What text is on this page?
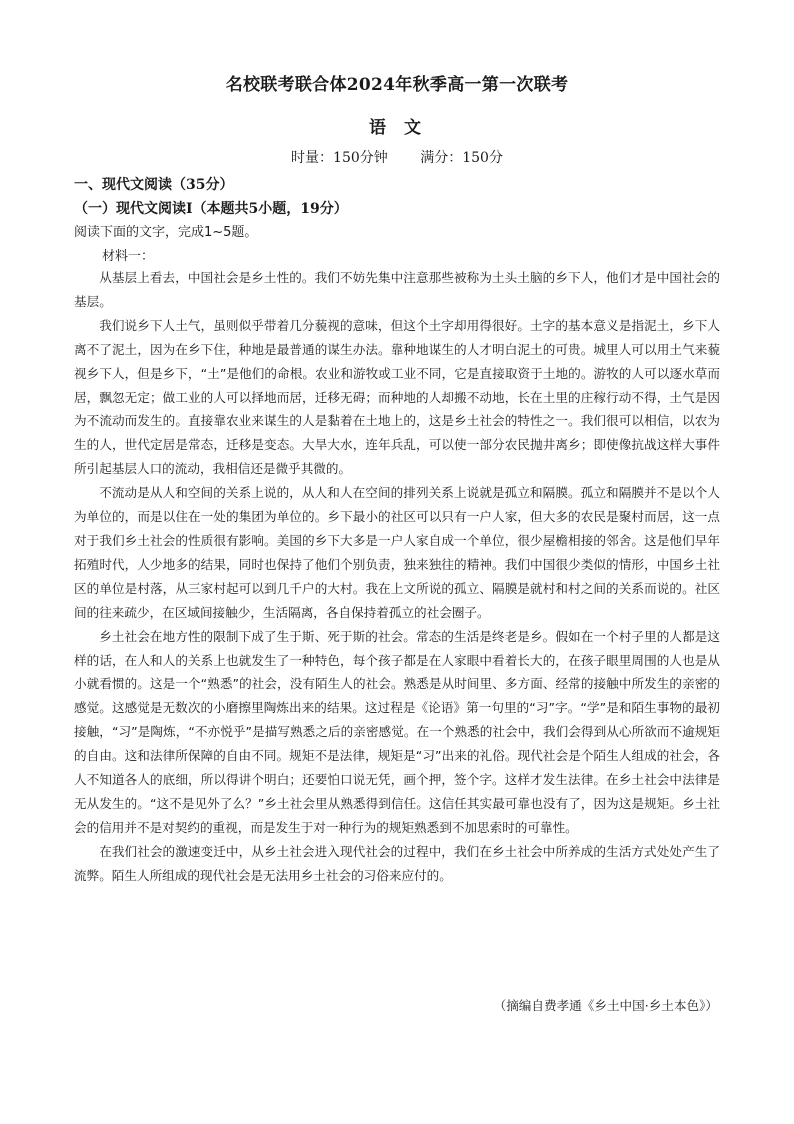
名校联考联合体2024年秋季高一第一次联考
语文
时量：150分钟 满分：150分
一、现代文阅读（35分）
（一）现代文阅读Ⅰ（本题共5小题，19分）
阅读下面的文字，完成1~5题。
材料一：

从基层上看去，中国社会是乡土性的。我们不妨先集中注意那些被称为土头土脑的乡下人，他们才是中国社会的基层。

我们说乡下人土气，虽则似乎带着几分藐视的意味，但这个土字却用得很好。土字的基本意义是指泥土，乡下人离不了泥土，因为在乡下住，种地是最普通的谋生办法。靠种地谋生的人才明白泥土的可贵。城里人可以用土气来藐视乡下人，但是乡下，“土”是他们的命根。农业和游牧或工业不同，它是直接取资于土地的。游牧的人可以逐水草而居，飘忽无定；做工业的人可以择地而居，迁移无碍；而种地的人却搬不动地，长在土里的庄稼行动不得，土气是因为不流动而发生的。直接靠农业来谋生的人是黏着在土地上的，这是乡土社会的特性之一。我们很可以相信，以农为生的人，世代定居是常态，迁移是变态。大旱大水，连年兵乱，可以使一部分农民抛井离乡；即使像抗战这样大事件所引起基层人口的流动，我相信还是微乎其微的。

不流动是从人和空间的关系上说的，从人和人在空间的排列关系上说就是孤立和隔膜。孤立和隔膜并不是以个人为单位的，而是以住在一处的集团为单位的。乡下最小的社区可以只有一户人家，但大多的农民是聚村而居，这一点对于我们乡土社会的性质很有影响。美国的乡下大多是一户人家自成一个单位，很少屋檐相接的邻舍。这是他们早年拓殖时代，人少地多的结果，同时也保持了他们个别负责，独来独往的精神。我们中国很少类似的情形，中国乡土社区的单位是村落，从三家村起可以到几千户的大村。我在上文所说的孤立、隔膜是就村和村之间的关系而说的。社区间的往来疏少，在区域间接触少，生活隔离，各自保持着孤立的社会圈子。

乡土社会在地方性的限制下成了生于斯、死于斯的社会。常态的生活是终老是乡。假如在一个村子里的人都是这样的话，在人和人的关系上也就发生了一种特色，每个孩子都是在人家眼中看着长大的，在孩子眼里周围的人也是从小就看惯的。这是一个“熟悉”的社会，没有陌生人的社会。熟悉是从时间里、多方面、经常的接触中所发生的亲密的感觉。这感觉是无数次的小磨擦里陶炼出来的结果。这过程是《论语》第一句里的“习”字。“学”是和陌生事物的最初接触，“习”是陶炼，“不亦悦乎”是描写熟悉之后的亲密感觉。在一个熟悉的社会中，我们会得到从心所欲而不逾规矩的自由。这和法律所保障的自由不同。规矩不是法律，规矩是“习”出来的礼俗。现代社会是个陌生人组成的社会，各人不知道各人的底细，所以得讲个明白；还要怕口说无凭，画个押，签个字。这样才发生法律。在乡土社会中法律是无从发生的。“这不是见外了么？”乡土社会里从熟悉得到信任。这信任其实最可靠也没有了，因为这是规矩。乡土社会的信用并不是对契约的重视，而是发生于对一种行为的规矩熟悉到不加思索时的可靠性。

在我们社会的激速变迁中，从乡土社会进入现代社会的过程中，我们在乡土社会中所养成的生活方式处处产生了流弊。陌生人所组成的现代社会是无法用乡土社会的习俗来应付的。

（摘编自费孝通《乡土中国·乡土本色》）
